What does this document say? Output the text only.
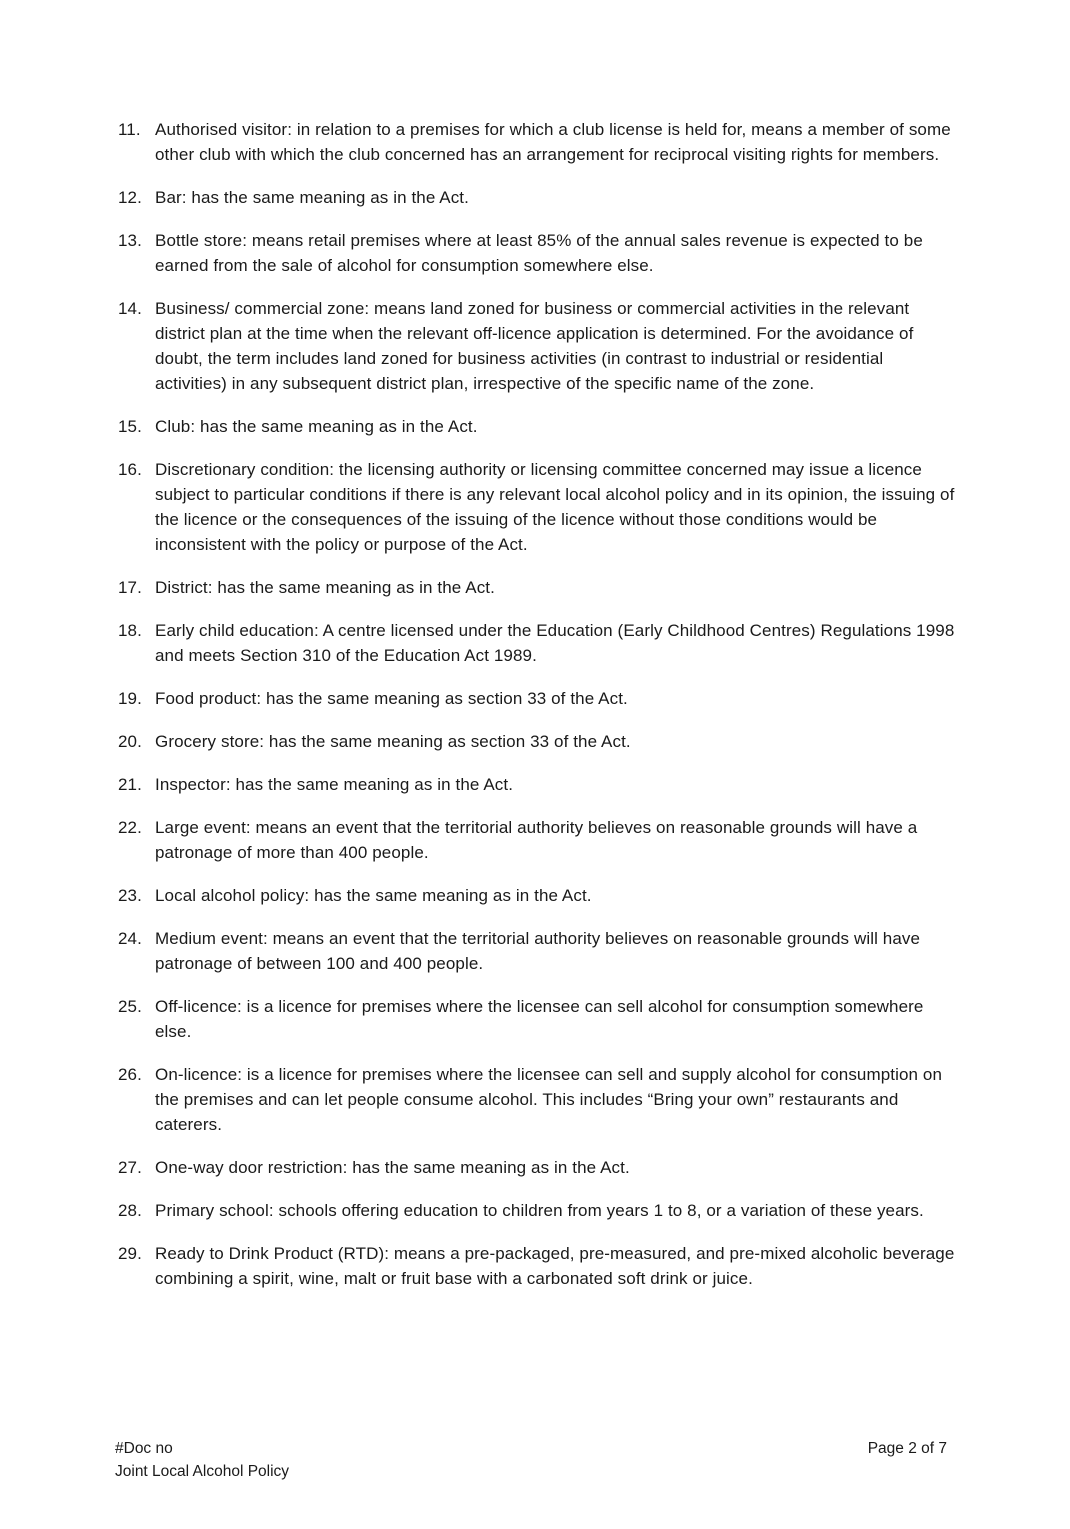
11. Authorised visitor: in relation to a premises for which a club license is held for, means a member of some other club with which the club concerned has an arrangement for reciprocal visiting rights for members.
12. Bar: has the same meaning as in the Act.
13. Bottle store: means retail premises where at least 85% of the annual sales revenue is expected to be earned from the sale of alcohol for consumption somewhere else.
14. Business/ commercial zone: means land zoned for business or commercial activities in the relevant district plan at the time when the relevant off-licence application is determined. For the avoidance of doubt, the term includes land zoned for business activities (in contrast to industrial or residential activities) in any subsequent district plan, irrespective of the specific name of the zone.
15. Club: has the same meaning as in the Act.
16. Discretionary condition: the licensing authority or licensing committee concerned may issue a licence subject to particular conditions if there is any relevant local alcohol policy and in its opinion, the issuing of the licence or the consequences of the issuing of the licence without those conditions would be inconsistent with the policy or purpose of the Act.
17. District: has the same meaning as in the Act.
18. Early child education: A centre licensed under the Education (Early Childhood Centres) Regulations 1998 and meets Section 310 of the Education Act 1989.
19. Food product: has the same meaning as section 33 of the Act.
20. Grocery store: has the same meaning as section 33 of the Act.
21. Inspector: has the same meaning as in the Act.
22. Large event: means an event that the territorial authority believes on reasonable grounds will have a patronage of more than 400 people.
23. Local alcohol policy: has the same meaning as in the Act.
24. Medium event: means an event that the territorial authority believes on reasonable grounds will have patronage of between 100 and 400 people.
25. Off-licence: is a licence for premises where the licensee can sell alcohol for consumption somewhere else.
26. On-licence: is a licence for premises where the licensee can sell and supply alcohol for consumption on the premises and can let people consume alcohol. This includes “Bring your own” restaurants and caterers.
27. One-way door restriction: has the same meaning as in the Act.
28. Primary school: schools offering education to children from years 1 to 8, or a variation of these years.
29. Ready to Drink Product (RTD): means a pre-packaged, pre-measured, and pre-mixed alcoholic beverage combining a spirit, wine, malt or fruit base with a carbonated soft drink or juice.
#Doc no
Joint Local Alcohol Policy
Page 2 of 7
